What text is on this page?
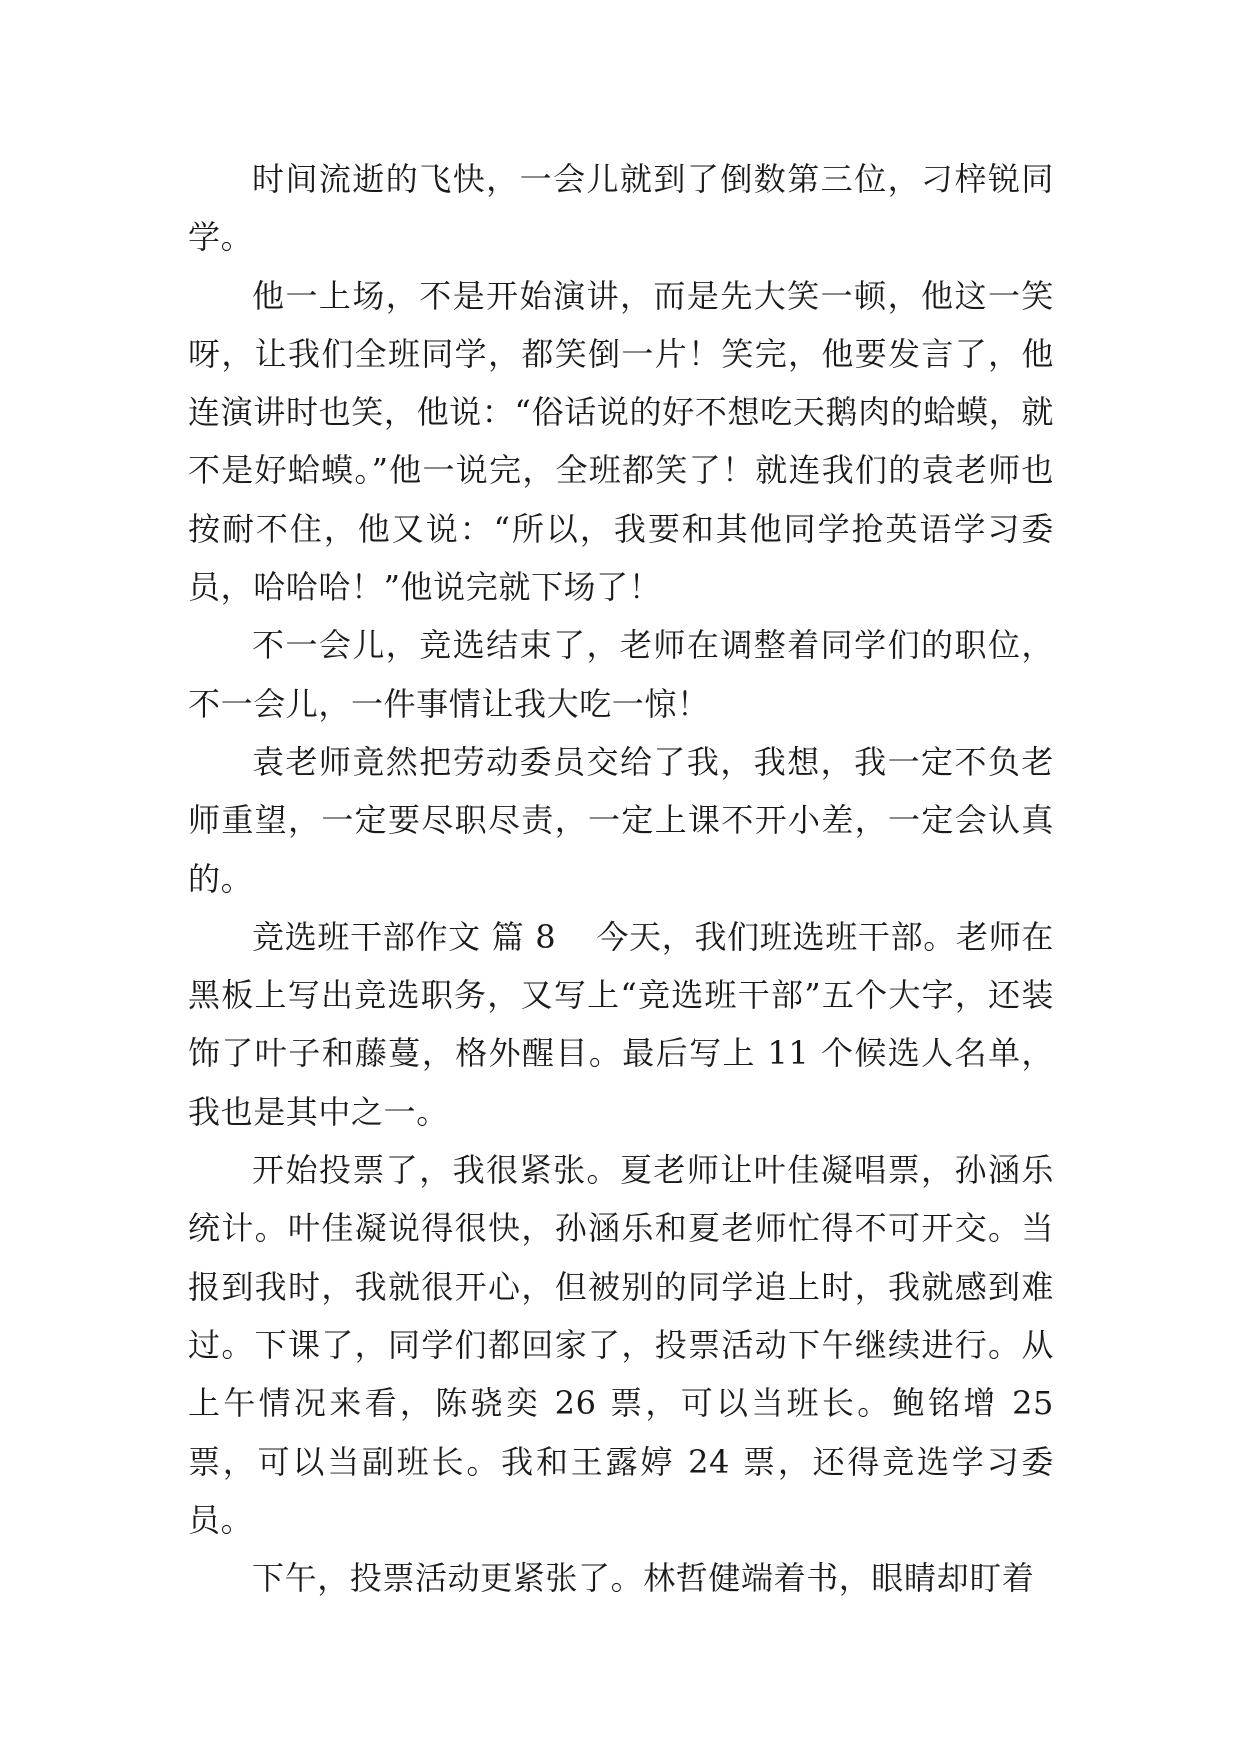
时间流逝的飞快，一会儿就到了倒数第三位，刁梓锐同学。

他一上场，不是开始演讲，而是先大笑一顿，他这一笑呀，让我们全班同学，都笑倒一片！笑完，他要发言了，他连演讲时也笑，他说：“俗话说的好不想吃天鹅肉的蛤蟆，就不是好蛤蟆。”他一说完，全班都笑了！就连我们的袁老师也按耐不住，他又说：“所以，我要和其他同学抢英语学习委员，哈哈哈！”他说完就下场了！

不一会儿，竞选结束了，老师在调整着同学们的职位，不一会儿，一件事情让我大吃一惊！

袁老师竟然把劳动委员交给了我，我想，我一定不负老师重望，一定要尽职尽责，一定上课不开小差，一定会认真的。

竞选班干部作文 篇 8 今天，我们班选班干部。老师在黑板上写出竞选职务，又写上“竞选班干部”五个大字，还装饰了叶子和藤蔓，格外醒目。最后写上 11 个候选人名单，我也是其中之一。

开始投票了，我很紧张。夏老师让叶佳凝唱票，孙涵乐统计。叶佳凝说得很快，孙涵乐和夏老师忙得不可开交。当报到我时，我就很开心，但被别的同学追上时，我就感到难过。下课了，同学们都回家了，投票活动下午继续进行。从上午情况来看，陈骁奕 26 票，可以当班长。鲍铭增 25 票，可以当副班长。我和王露婷 24 票，还得竞选学习委员。

下午，投票活动更紧张了。林哲健端着书，眼睛却盯着
